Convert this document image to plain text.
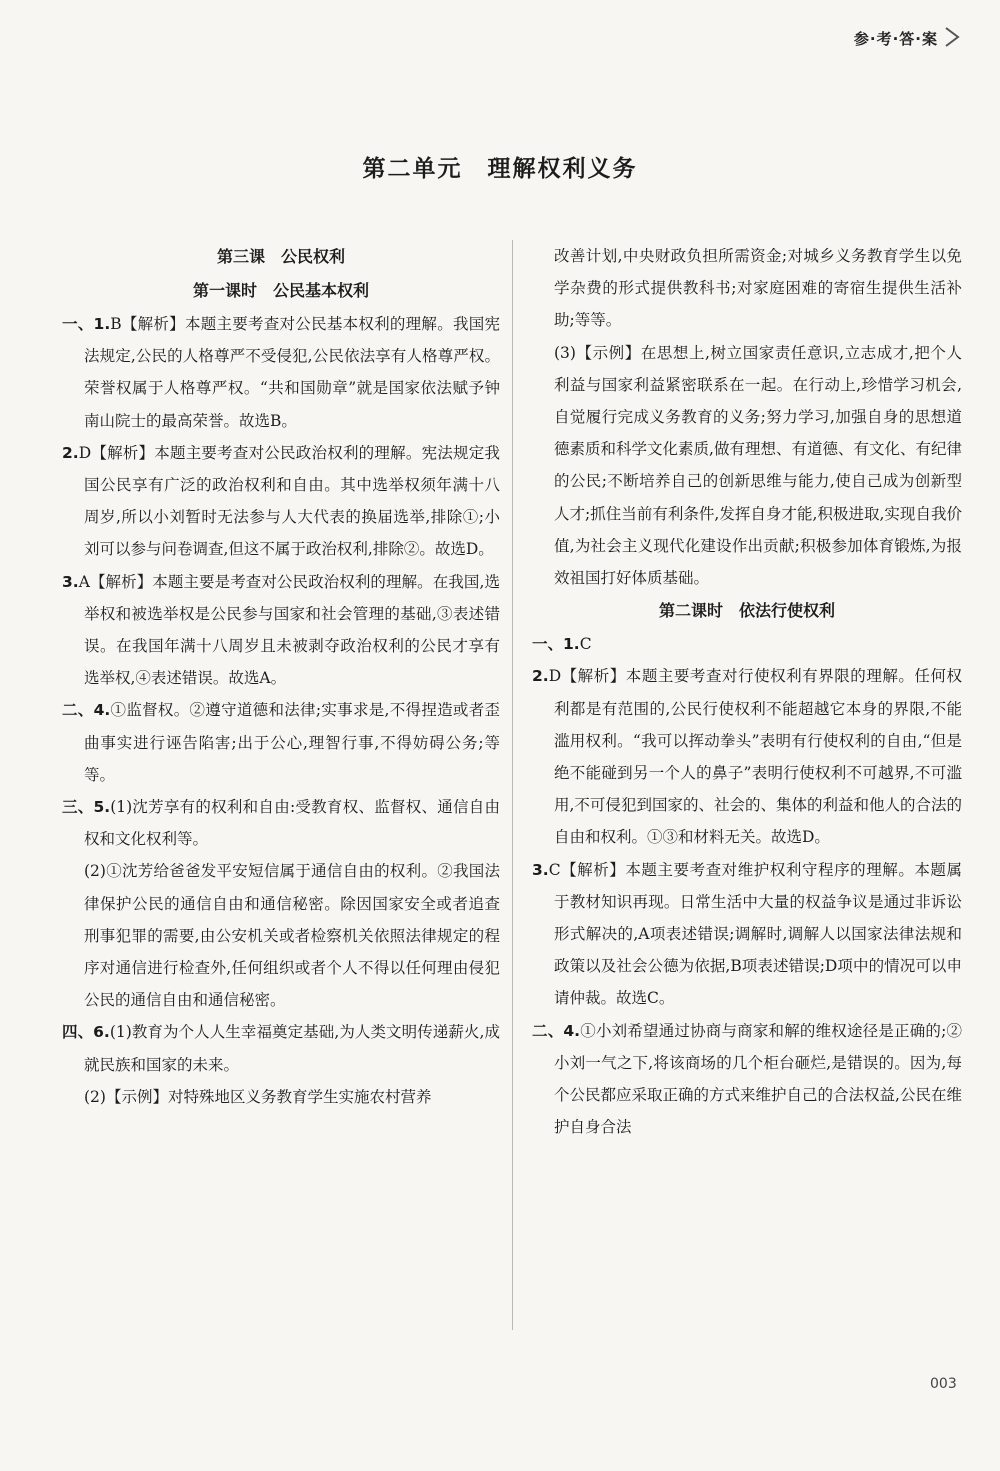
参·考·答·案
第二单元　理解权利义务
第三课　公民权利
第一课时　公民基本权利

一、1.B【解析】本题主要考查对公民基本权利的理解。我国宪法规定,公民的人格尊严不受侵犯,公民依法享有人格尊严权。荣誉权属于人格尊严权。“共和国勋章”就是国家依法赋予钟南山院士的最高荣誉。故选B。

2.D【解析】本题主要考查对公民政治权利的理解。宪法规定我国公民享有广泛的政治权利和自由。其中选举权须年满十八周岁,所以小刘暂时无法参与人大代表的换届选举,排除①;小刘可以参与问卷调查,但这不属于政治权利,排除②。故选D。

3.A【解析】本题主要是考查对公民政治权利的理解。在我国,选举权和被选举权是公民参与国家和社会管理的基础,③表述错误。在我国年满十八周岁且未被剥夺政治权利的公民才享有选举权,④表述错误。故选A。

二、4.①监督权。②遵守道德和法律;实事求是,不得捏造或者歪曲事实进行诬告陷害;出于公心,理智行事,不得妨碍公务;等等。

三、5.(1)沈芳享有的权利和自由:受教育权、监督权、通信自由权和文化权利等。

(2)①沈芳给爸爸发平安短信属于通信自由的权利。②我国法律保护公民的通信自由和通信秘密。除因国家安全或者追查刑事犯罪的需要,由公安机关或者检察机关依照法律规定的程序对通信进行检查外,任何组织或者个人不得以任何理由侵犯公民的通信自由和通信秘密。

四、6.(1)教育为个人人生幸福奠定基础,为人类文明传递薪火,成就民族和国家的未来。

(2)【示例】对特殊地区义务教育学生实施农村营养

改善计划,中央财政负担所需资金;对城乡义务教育学生以免学杂费的形式提供教科书;对家庭困难的寄宿生提供生活补助;等等。

(3)【示例】在思想上,树立国家责任意识,立志成才,把个人利益与国家利益紧密联系在一起。在行动上,珍惜学习机会,自觉履行完成义务教育的义务;努力学习,加强自身的思想道德素质和科学文化素质,做有理想、有道德、有文化、有纪律的公民;不断培养自己的创新思维与能力,使自己成为创新型人才;抓住当前有利条件,发挥自身才能,积极进取,实现自我价值,为社会主义现代化建设作出贡献;积极参加体育锻炼,为报效祖国打好体质基础。

第二课时　依法行使权利

一、1.C

2.D【解析】本题主要考查对行使权利有界限的理解。任何权利都是有范围的,公民行使权利不能超越它本身的界限,不能滥用权利。“我可以挥动拳头”表明有行使权利的自由,“但是绝不能碰到另一个人的鼻子”表明行使权利不可越界,不可滥用,不可侵犯到国家的、社会的、集体的利益和他人的合法的自由和权利。①③和材料无关。故选D。

3.C【解析】本题主要考查对维护权利守程序的理解。本题属于教材知识再现。日常生活中大量的权益争议是通过非诉讼形式解决的,A项表述错误;调解时,调解人以国家法律法规和政策以及社会公德为依据,B项表述错误;D项中的情况可以申请仲裁。故选C。

二、4.①小刘希望通过协商与商家和解的维权途径是正确的;②小刘一气之下,将该商场的几个柜台砸烂,是错误的。因为,每个公民都应采取正确的方式来维护自己的合法权益,公民在维护自身合法

003
